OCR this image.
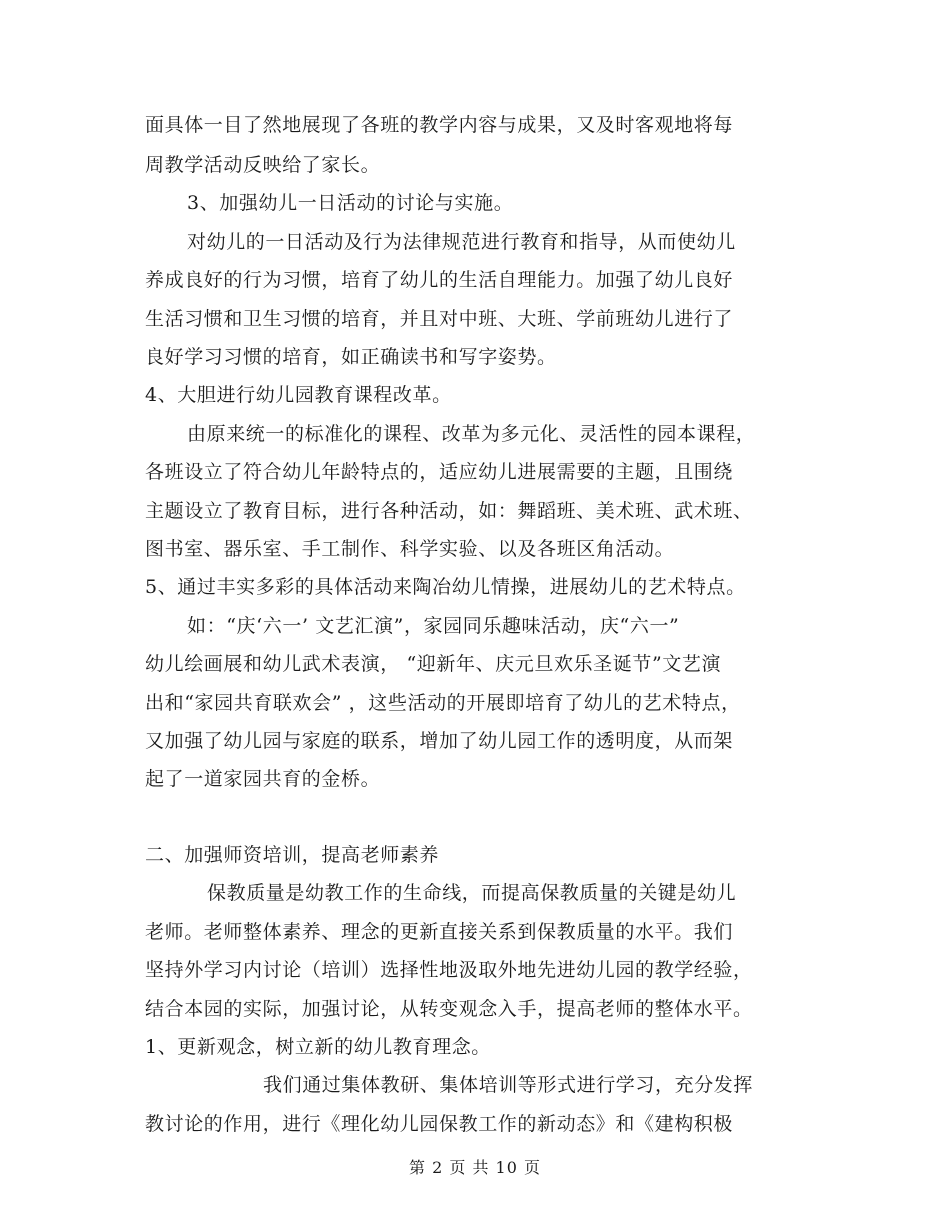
面具体一目了然地展现了各班的教学内容与成果，又及时客观地将每
周教学活动反映给了家长。
3、加强幼儿一日活动的讨论与实施。
对幼儿的一日活动及行为法律规范进行教育和指导，从而使幼儿
养成良好的行为习惯，培育了幼儿的生活自理能力。加强了幼儿良好
生活习惯和卫生习惯的培育，并且对中班、大班、学前班幼儿进行了
良好学习习惯的培育，如正确读书和写字姿势。
4、大胆进行幼儿园教育课程改革。
由原来统一的标准化的课程、改革为多元化、灵活性的园本课程，
各班设立了符合幼儿年龄特点的，适应幼儿进展需要的主题，且围绕
主题设立了教育目标，进行各种活动，如：舞蹈班、美术班、武术班、
图书室、器乐室、手工制作、科学实验、以及各班区角活动。
5、通过丰实多彩的具体活动来陶冶幼儿情操，进展幼儿的艺术特点。
如：“庆‘六一’ 文艺汇演”，家园同乐趣味活动，庆“六一”
幼儿绘画展和幼儿武术表演， “迎新年、庆元旦欢乐圣诞节”文艺演
出和“家园共育联欢会” ，这些活动的开展即培育了幼儿的艺术特点，
又加强了幼儿园与家庭的联系，增加了幼儿园工作的透明度，从而架
起了一道家园共育的金桥。
二、加强师资培训，提高老师素养
保教质量是幼教工作的生命线，而提高保教质量的关键是幼儿
老师。老师整体素养、理念的更新直接关系到保教质量的水平。我们
坚持外学习内讨论（培训）选择性地汲取外地先进幼儿园的教学经验，
结合本园的实际，加强讨论，从转变观念入手，提高老师的整体水平。
1、更新观念，树立新的幼儿教育理念。
我们通过集体教研、集体培训等形式进行学习，充分发挥
教讨论的作用，进行《理化幼儿园保教工作的新动态》和《建构积极
第 2 页 共 10 页
